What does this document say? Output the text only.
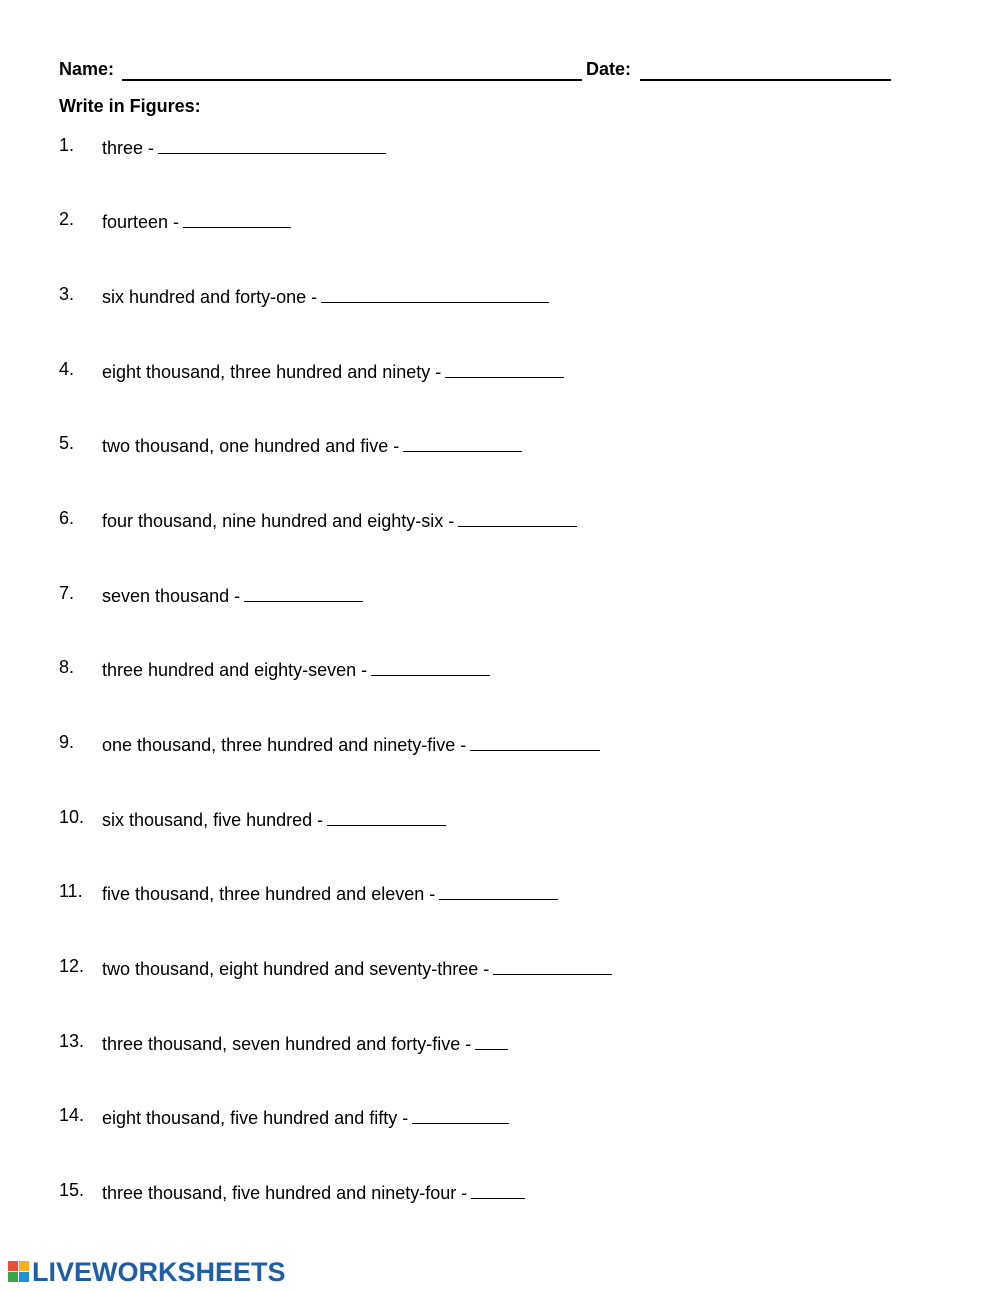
Name:	Date:
Write in Figures:
1. three -
2. fourteen -
3. six hundred and forty-one -
4. eight thousand, three hundred and ninety -
5. two thousand, one hundred and five -
6. four thousand, nine hundred and eighty-six -
7. seven thousand -
8. three hundred and eighty-seven -
9. one thousand, three hundred and ninety-five -
10. six thousand, five hundred -
11. five thousand, three hundred and eleven -
12. two thousand, eight hundred and seventy-three -
13. three thousand, seven hundred and forty-five -
14. eight thousand, five hundred and fifty -
15. three thousand, five hundred and ninety-four -
LIVEWORKSHEETS
